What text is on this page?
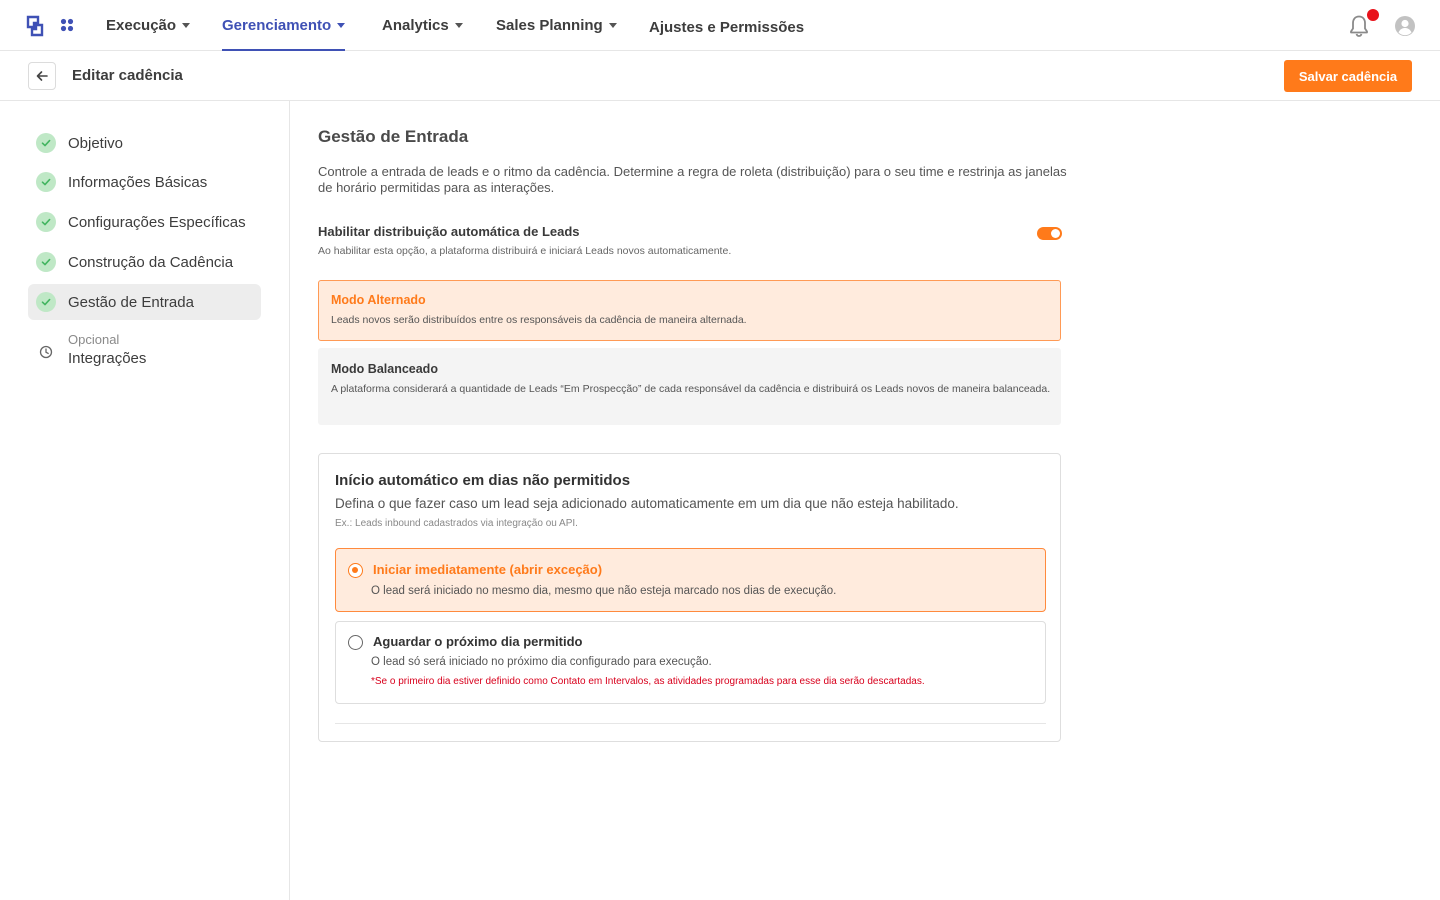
Execução	Gerenciamento	Analytics	Sales Planning	Ajustes e Permissões
Editar cadência	Salvar cadência
Objetivo
Informações Básicas
Configurações Específicas
Construção da Cadência
Gestão de Entrada
Opcional
Integrações
Gestão de Entrada
Controle a entrada de leads e o ritmo da cadência. Determine a regra de roleta (distribuição) para o seu time e restrinja as janelas de horário permitidas para as interações.
Habilitar distribuição automática de Leads
Ao habilitar esta opção, a plataforma distribuirá e iniciará Leads novos automaticamente.
Modo Alternado
Leads novos serão distribuídos entre os responsáveis da cadência de maneira alternada.
Modo Balanceado
A plataforma considerará a quantidade de Leads “Em Prospecção” de cada responsável da cadência e distribuirá os Leads novos de maneira balanceada.
Início automático em dias não permitidos
Defina o que fazer caso um lead seja adicionado automaticamente em um dia que não esteja habilitado.
Ex.: Leads inbound cadastrados via integração ou API.
Iniciar imediatamente (abrir exceção)
O lead será iniciado no mesmo dia, mesmo que não esteja marcado nos dias de execução.
Aguardar o próximo dia permitido
O lead só será iniciado no próximo dia configurado para execução.
*Se o primeiro dia estiver definido como Contato em Intervalos, as atividades programadas para esse dia serão descartadas.
